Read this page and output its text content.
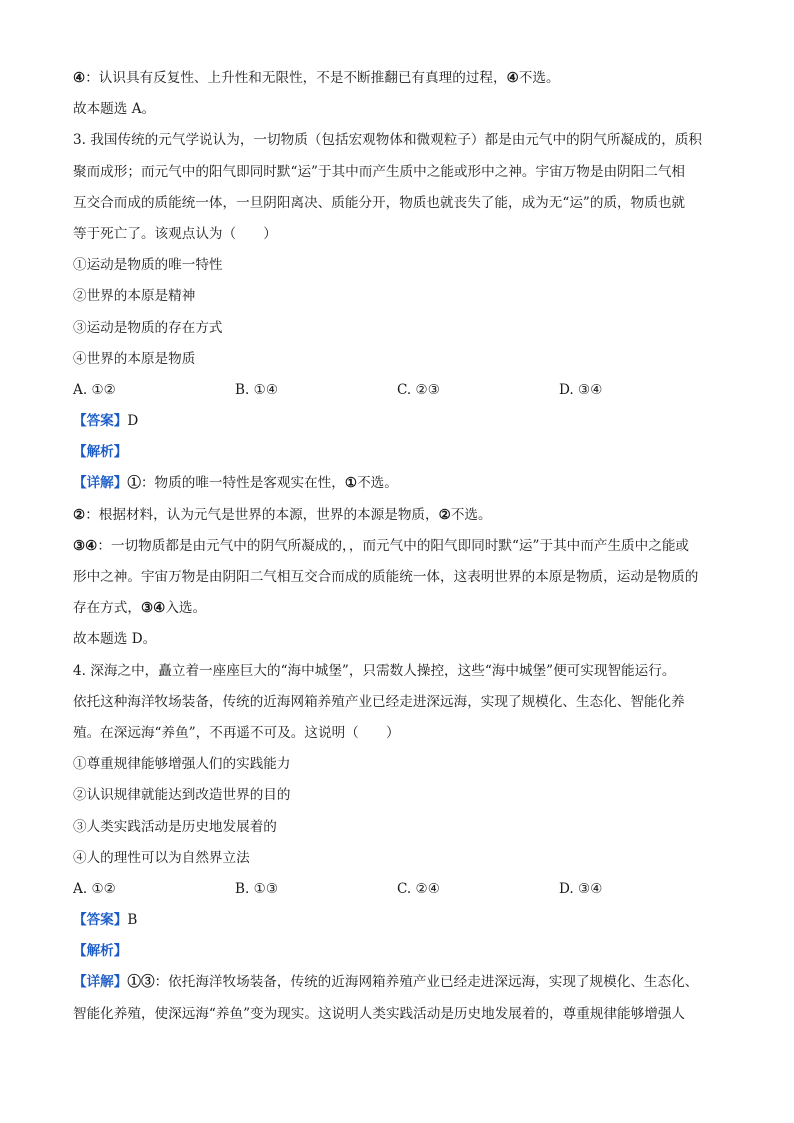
④：认识具有反复性、上升性和无限性，不是不断推翻已有真理的过程，④不选。
故本题选 A。
3. 我国传统的元气学说认为，一切物质（包括宏观物体和微观粒子）都是由元气中的阴气所凝成的，质积
聚而成形；而元气中的阳气即同时默“运”于其中而产生质中之能或形中之神。宇宙万物是由阴阳二气相
互交合而成的质能统一体，一旦阴阳离决、质能分开，物质也就丧失了能，成为无“运”的质，物质也就
等于死亡了。该观点认为（　　）
①运动是物质的唯一特性
②世界的本原是精神
③运动是物质的存在方式
④世界的本原是物质
A. ①②	B. ①④	C. ②③	D. ③④
【答案】D
【解析】
【详解】①：物质的唯一特性是客观实在性，①不选。
②：根据材料，认为元气是世界的本源，世界的本源是物质，②不选。
③④：一切物质都是由元气中的阴气所凝成的，，而元气中的阳气即同时默“运”于其中而产生质中之能或
形中之神。宇宙万物是由阴阳二气相互交合而成的质能统一体，这表明世界的本原是物质，运动是物质的
存在方式，③④入选。
故本题选 D。
4. 深海之中，矗立着一座座巨大的“海中城堡”，只需数人操控，这些“海中城堡”便可实现智能运行。
依托这种海洋牧场装备，传统的近海网箱养殖产业已经走进深远海，实现了规模化、生态化、智能化养
殖。在深远海“养鱼”，不再遥不可及。这说明（　　）
①尊重规律能够增强人们的实践能力
②认识规律就能达到改造世界的目的
③人类实践活动是历史地发展着的
④人的理性可以为自然界立法
A. ①②	B. ①③	C. ②④	D. ③④
【答案】B
【解析】
【详解】①③：依托海洋牧场装备，传统的近海网箱养殖产业已经走进深远海，实现了规模化、生态化、
智能化养殖，使深远海“养鱼”变为现实。这说明人类实践活动是历史地发展着的，尊重规律能够增强人
